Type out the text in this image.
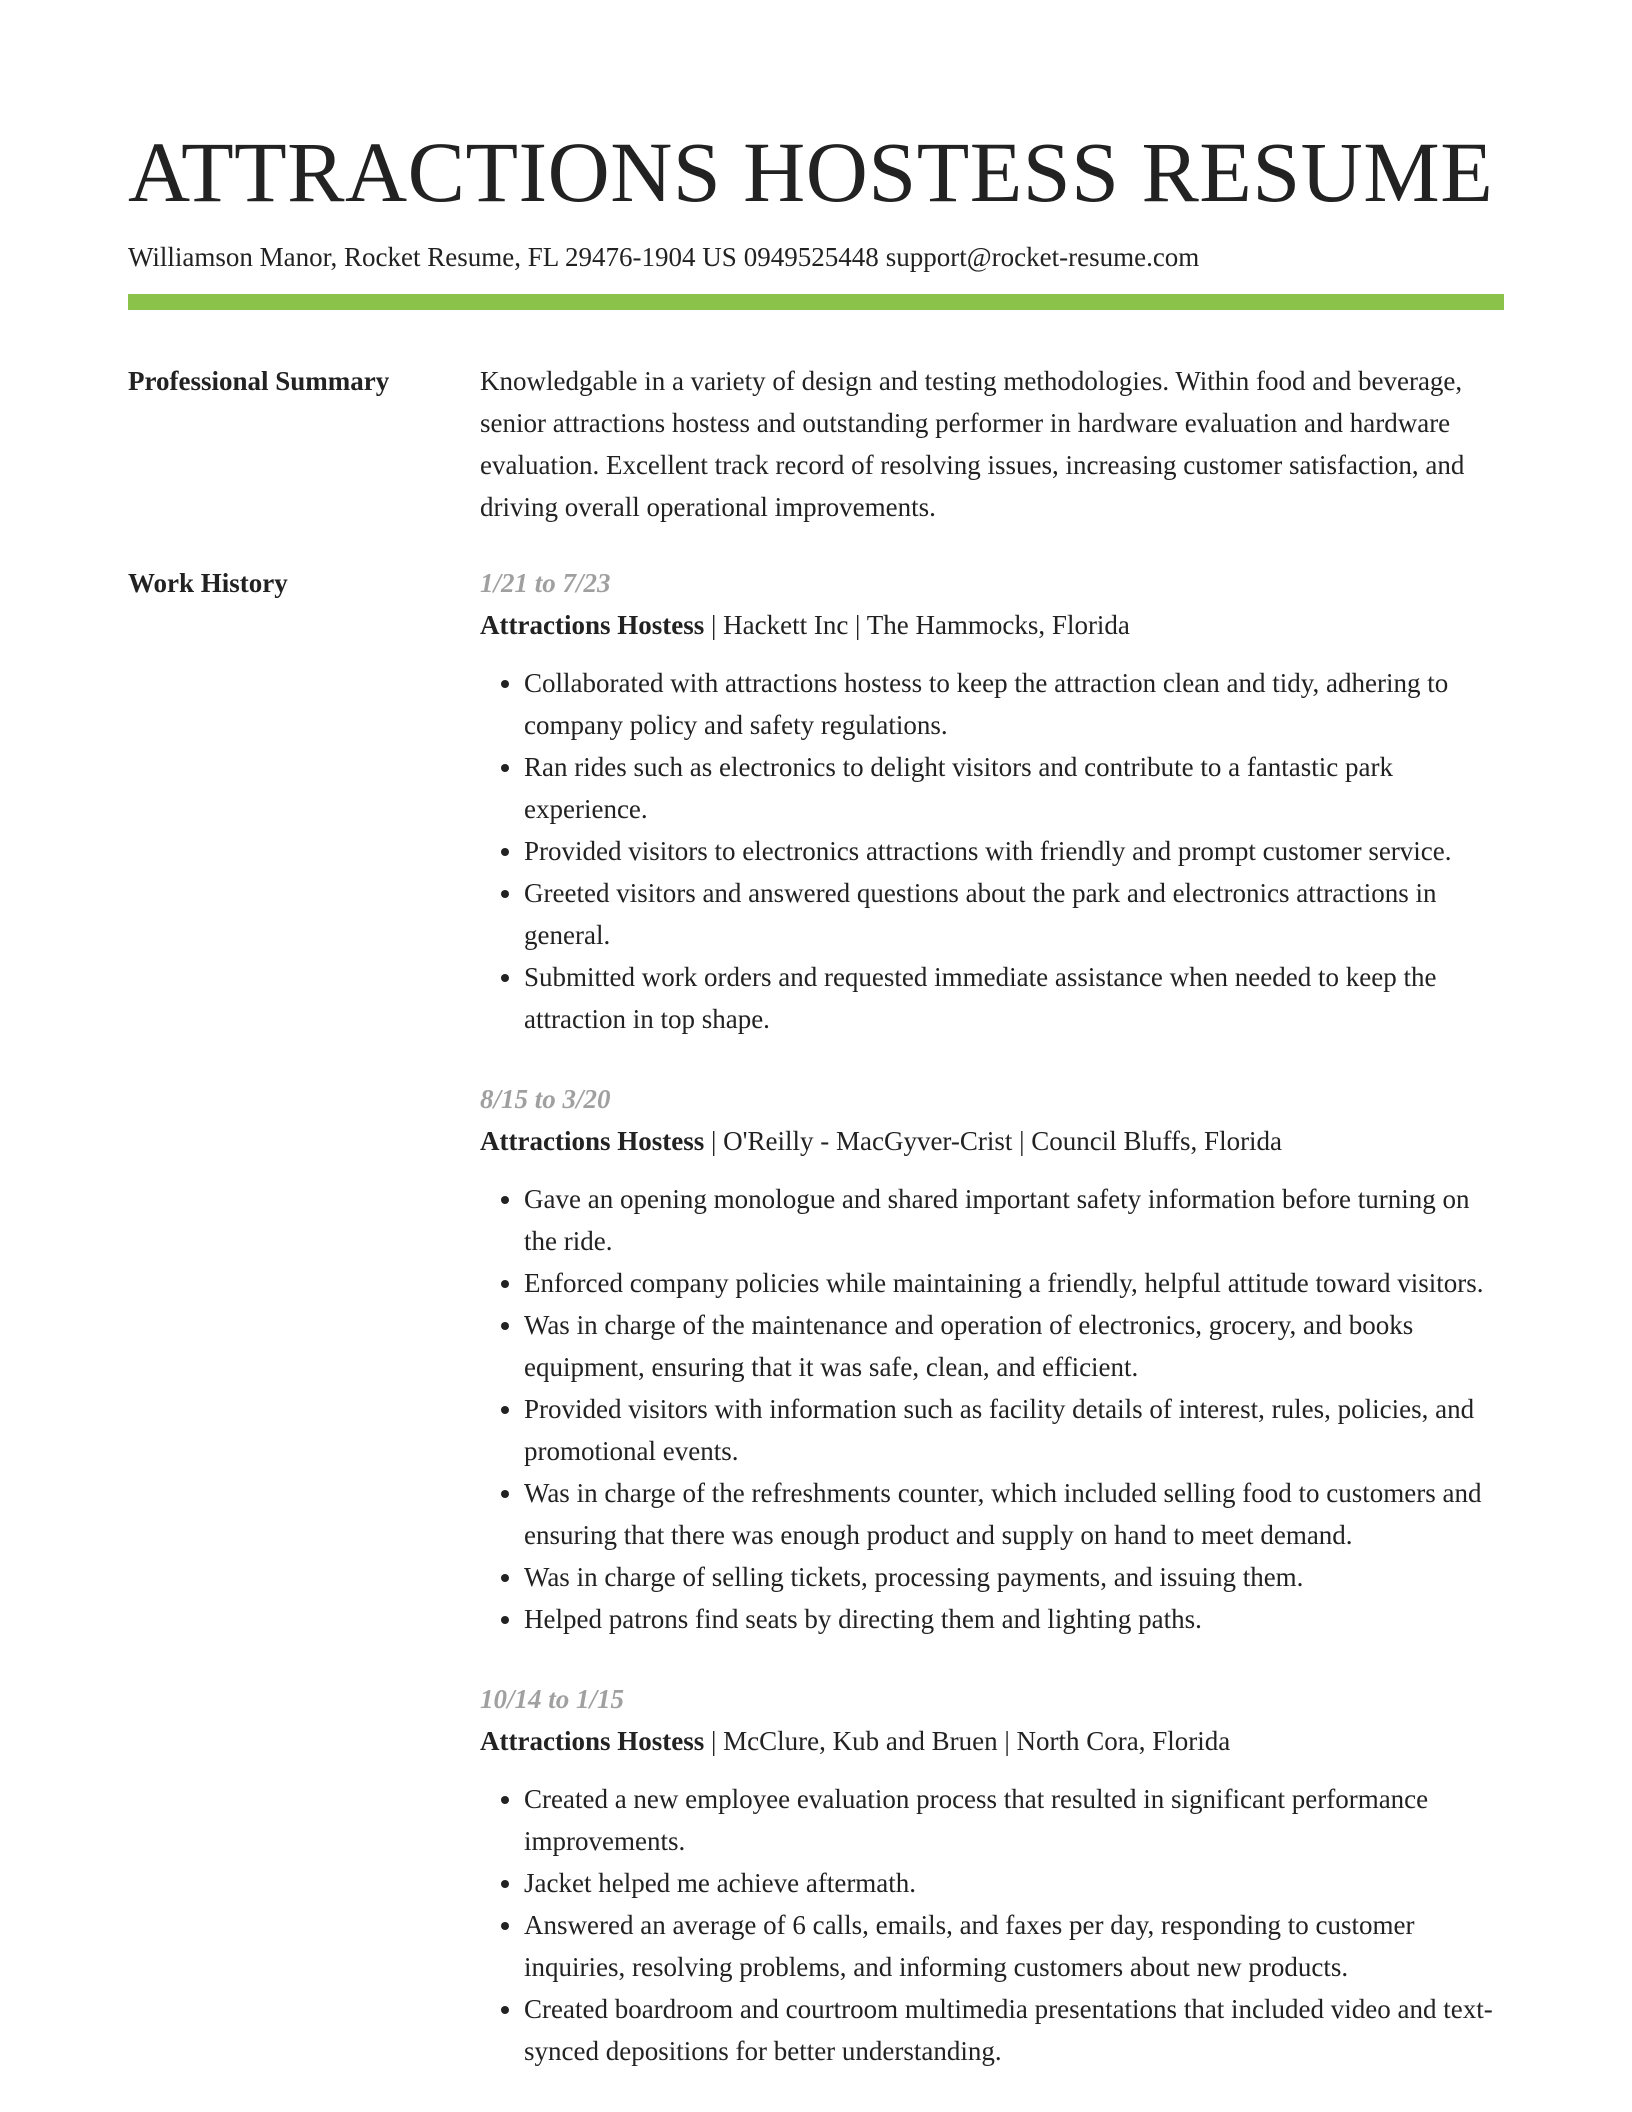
ATTRACTIONS HOSTESS RESUME
Williamson Manor, Rocket Resume, FL 29476-1904 US 0949525448 support@rocket-resume.com
Professional Summary	Knowledgable in a variety of design and testing methodologies. Within food and beverage, senior attractions hostess and outstanding performer in hardware evaluation and hardware evaluation. Excellent track record of resolving issues, increasing customer satisfaction, and driving overall operational improvements.

Work History	1/21 to 7/23
Attractions Hostess | Hackett Inc | The Hammocks, Florida
• Collaborated with attractions hostess to keep the attraction clean and tidy, adhering to company policy and safety regulations.
• Ran rides such as electronics to delight visitors and contribute to a fantastic park experience.
• Provided visitors to electronics attractions with friendly and prompt customer service.
• Greeted visitors and answered questions about the park and electronics attractions in general.
• Submitted work orders and requested immediate assistance when needed to keep the attraction in top shape.
8/15 to 3/20
Attractions Hostess | O'Reilly - MacGyver-Crist | Council Bluffs, Florida
• Gave an opening monologue and shared important safety information before turning on the ride.
• Enforced company policies while maintaining a friendly, helpful attitude toward visitors.
• Was in charge of the maintenance and operation of electronics, grocery, and books equipment, ensuring that it was safe, clean, and efficient.
• Provided visitors with information such as facility details of interest, rules, policies, and promotional events.
• Was in charge of the refreshments counter, which included selling food to customers and ensuring that there was enough product and supply on hand to meet demand.
• Was in charge of selling tickets, processing payments, and issuing them.
• Helped patrons find seats by directing them and lighting paths.
10/14 to 1/15
Attractions Hostess | McClure, Kub and Bruen | North Cora, Florida
• Created a new employee evaluation process that resulted in significant performance improvements.
• Jacket helped me achieve aftermath.
• Answered an average of 6 calls, emails, and faxes per day, responding to customer inquiries, resolving problems, and informing customers about new products.
• Created boardroom and courtroom multimedia presentations that included video and text-synced depositions for better understanding.
